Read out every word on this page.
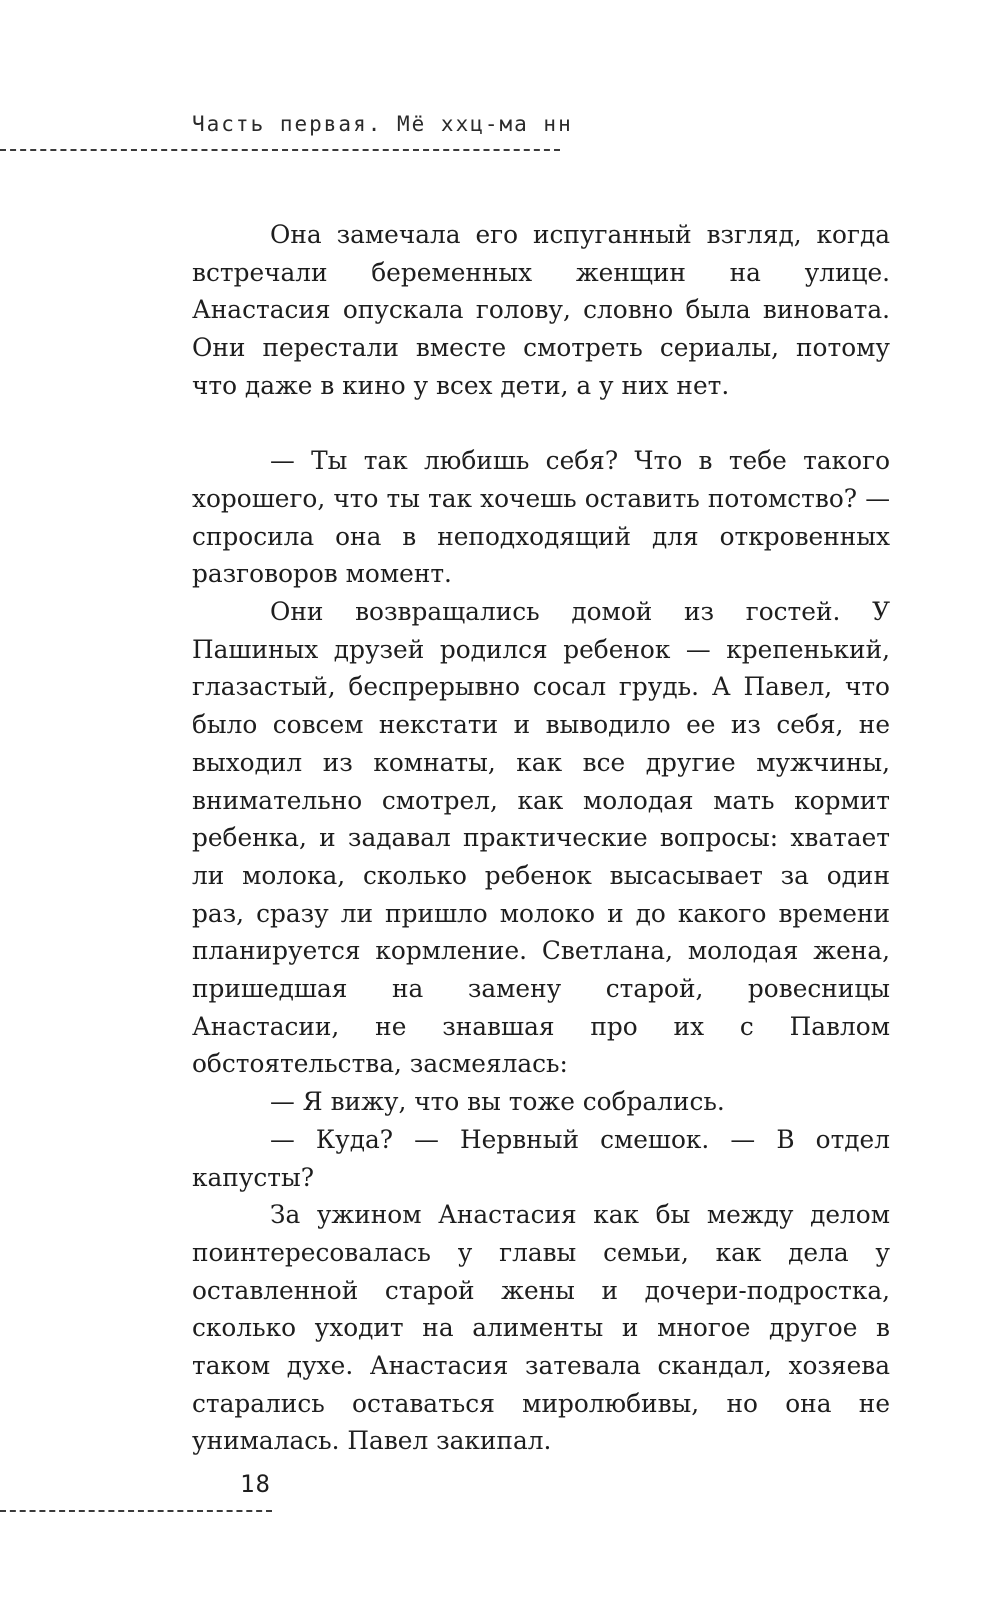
Часть первая. Мё ххц-ма нн

Она замечала его испуганный взгляд, когда встречали беременных женщин на улице. Анастасия опускала голову, словно была виновата. Они перестали вместе смотреть сериалы, потому что даже в кино у всех дети, а у них нет.

— Ты так любишь себя? Что в тебе такого хорошего, что ты так хочешь оставить потомство? — спросила она в неподходящий для откровенных разговоров момент.

Они возвращались домой из гостей. У Пашиных друзей родился ребенок — крепенький, глазастый, беспрерывно сосал грудь. А Павел, что было совсем некстати и выводило ее из себя, не выходил из комнаты, как все другие мужчины, внимательно смотрел, как молодая мать кормит ребенка, и задавал практические вопросы: хватает ли молока, сколько ребенок высасывает за один раз, сразу ли пришло молоко и до какого времени планируется кормление. Светлана, молодая жена, пришедшая на замену старой, ровесницы Анастасии, не знавшая про их с Павлом обстоятельства, засмеялась:

— Я вижу, что вы тоже собрались.

— Куда? — Нервный смешок. — В отдел капусты?

За ужином Анастасия как бы между делом поинтересовалась у главы семьи, как дела у оставленной старой жены и дочери-подростка, сколько уходит на алименты и многое другое в таком духе. Анастасия затевала скандал, хозяева старались оставаться миролюбивы, но она не унималась. Павел закипал.

18
